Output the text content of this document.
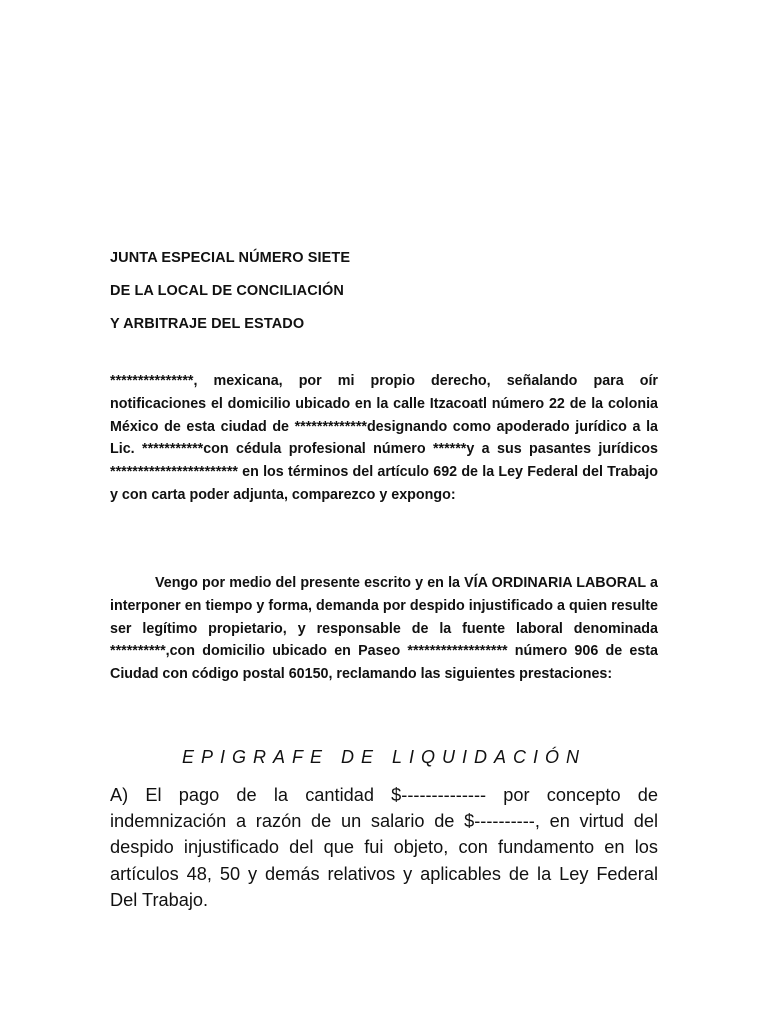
JUNTA ESPECIAL NÚMERO SIETE
DE LA LOCAL DE CONCILIACIÓN
Y ARBITRAJE DEL ESTADO

***************, mexicana, por mi propio derecho, señalando para oír notificaciones el domicilio ubicado en la calle Itzacoatl número 22 de la colonia México de esta ciudad de *************designando como apoderado jurídico a la Lic. ***********con cédula profesional número ******y a sus pasantes jurídicos *********************** en los términos del artículo 692 de la Ley Federal del Trabajo y con carta poder adjunta, comparezco y expongo:

Vengo por medio del presente escrito y en la VÍA ORDINARIA LABORAL a interponer en tiempo y forma, demanda por despido injustificado a quien resulte ser legítimo propietario, y responsable de la fuente laboral denominada **********,con domicilio ubicado en Paseo ****************** número 906 de esta Ciudad con código postal 60150, reclamando las siguientes prestaciones:

EPIGRAFE DE LIQUIDACIÓN

A) El pago de la cantidad $-------------- por concepto de indemnización a razón de un salario de $----------, en virtud del despido injustificado del que fui objeto, con fundamento en los artículos 48, 50 y demás relativos y aplicables de la Ley Federal Del Trabajo.
